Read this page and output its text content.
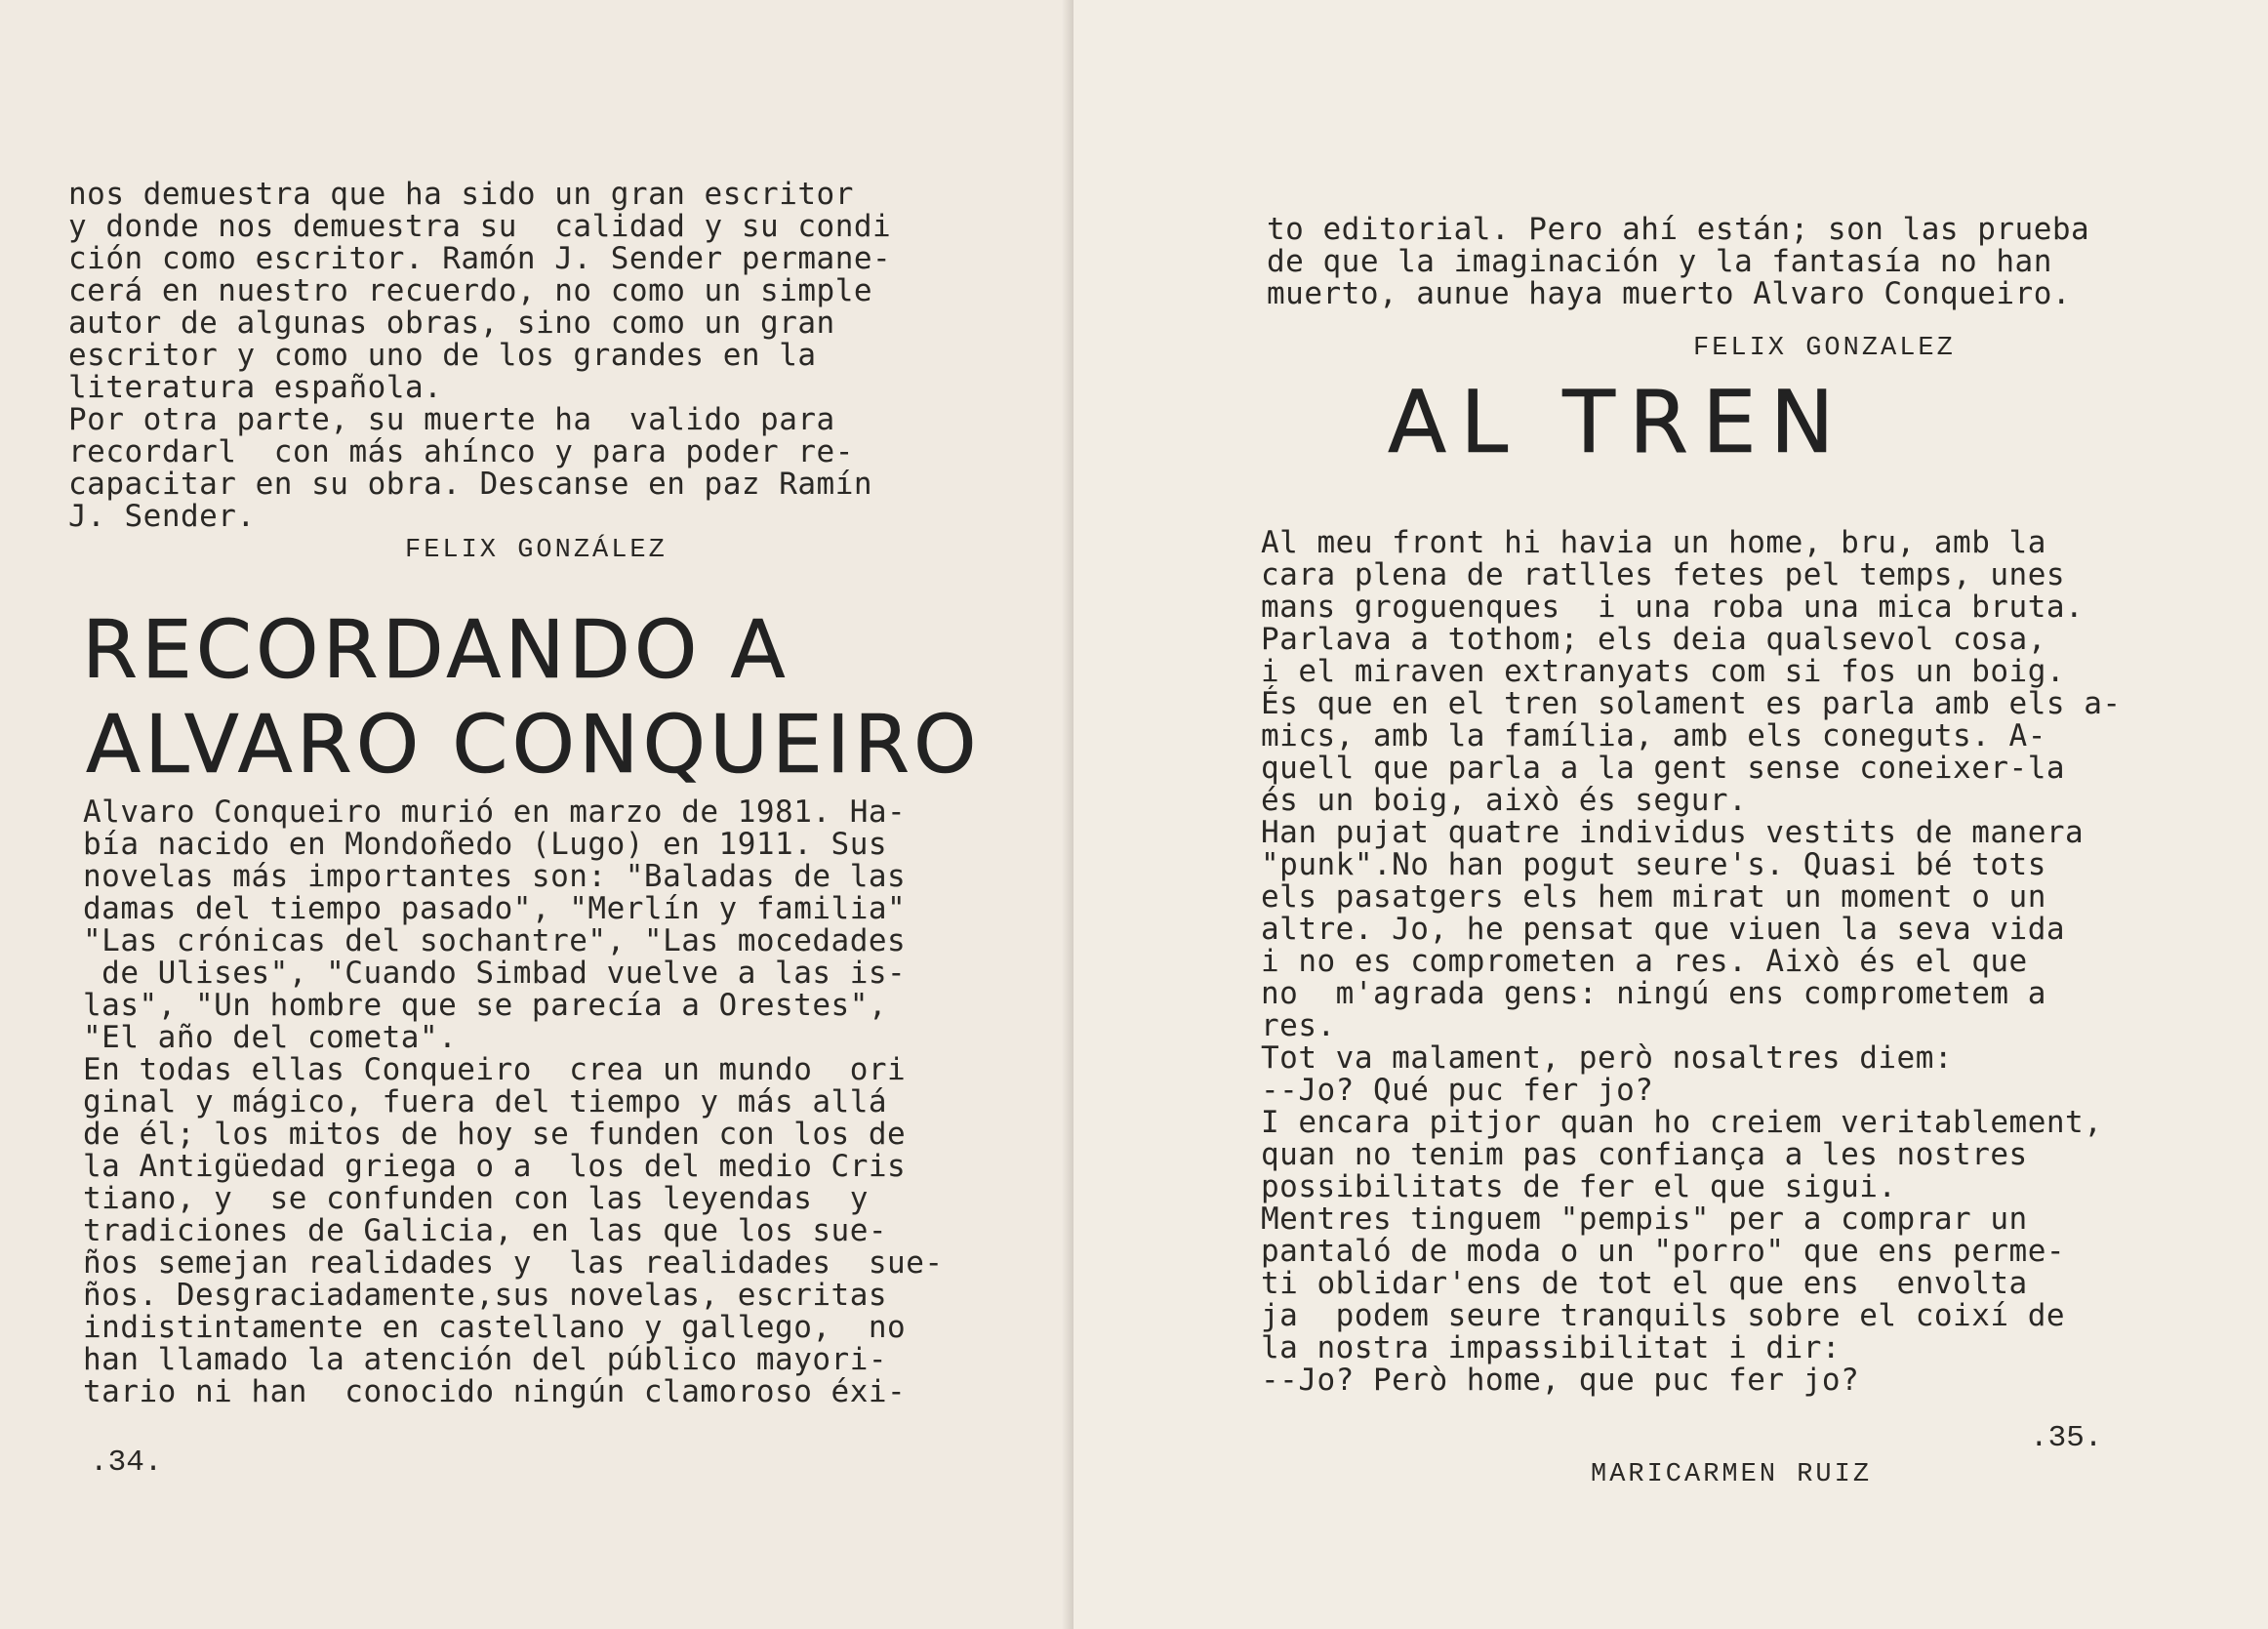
nos demuestra que ha sido un gran escritor
y donde nos demuestra su  calidad y su condi
ción como escritor. Ramón J. Sender permane-
cerá en nuestro recuerdo, no como un simple
autor de algunas obras, sino como un gran
escritor y como uno de los grandes en la
literatura española.
Por otra parte, su muerte ha  valido para
recordarl  con más ahínco y para poder re-
capacitar en su obra. Descanse en paz Ramín
J. Sender.
FELIX GONZÁLEZ
RECORDANDO A
ALVARO CONQUEIRO
Alvaro Conqueiro murió en marzo de 1981. Ha-
bía nacido en Mondoñedo (Lugo) en 1911. Sus
novelas más importantes son: "Baladas de las
damas del tiempo pasado", "Merlín y familia"
"Las crónicas del sochantre", "Las mocedades
de Ulises", "Cuando Simbad vuelve a las is-
las", "Un hombre que se parecía a Orestes",
"El año del cometa".
En todas ellas Conqueiro  crea un mundo  ori
ginal y mágico, fuera del tiempo y más allá
de él; los mitos de hoy se funden con los de
la Antigüedad griega o a  los del medio Cris
tiano, y  se confunden con las leyendas  y
tradiciones de Galicia, en las que los sue-
ños semejan realidades y  las realidades  sue-
ños. Desgraciadamente,sus novelas, escritas
indistintamente en castellano y gallego,  no
han llamado la atención del público mayori-
tario ni han  conocido ningún clamoroso éxi-
.34.
to editorial. Pero ahí están; son las prueba
de que la imaginación y la fantasía no han
muerto, aunue haya muerto Alvaro Conqueiro.
FELIX GONZALEZ
AL TREN
Al meu front hi havia un home, bru, amb la
cara plena de ratlles fetes pel temps, unes
mans groguenques  i una roba una mica bruta.
Parlava a tothom; els deia qualsevol cosa,
i el miraven extranyats com si fos un boig.
És que en el tren solament es parla amb els a-
mics, amb la família, amb els coneguts. A-
quell que parla a la gent sense coneixer-la
és un boig, això és segur.
Han pujat quatre individus vestits de manera
"punk".No han pogut seure's. Quasi bé tots
els pasatgers els hem mirat un moment o un
altre. Jo, he pensat que viuen la seva vida
i no es comprometen a res. Això és el que
no  m'agrada gens: ningú ens comprometem a
res.
Tot va malament, però nosaltres diem:
--Jo? Qué puc fer jo?
I encara pitjor quan ho creiem veritablement,
quan no tenim pas confiança a les nostres
possibilitats de fer el que sigui.
Mentres tinguem "pempis" per a comprar un
pantaló de moda o un "porro" que ens perme-
ti oblidar'ens de tot el que ens  envolta
ja  podem seure tranquils sobre el coixí de
la nostra impassibilitat i dir:
--Jo? Però home, que puc fer jo?
.35.
MARICARMEN RUIZ
